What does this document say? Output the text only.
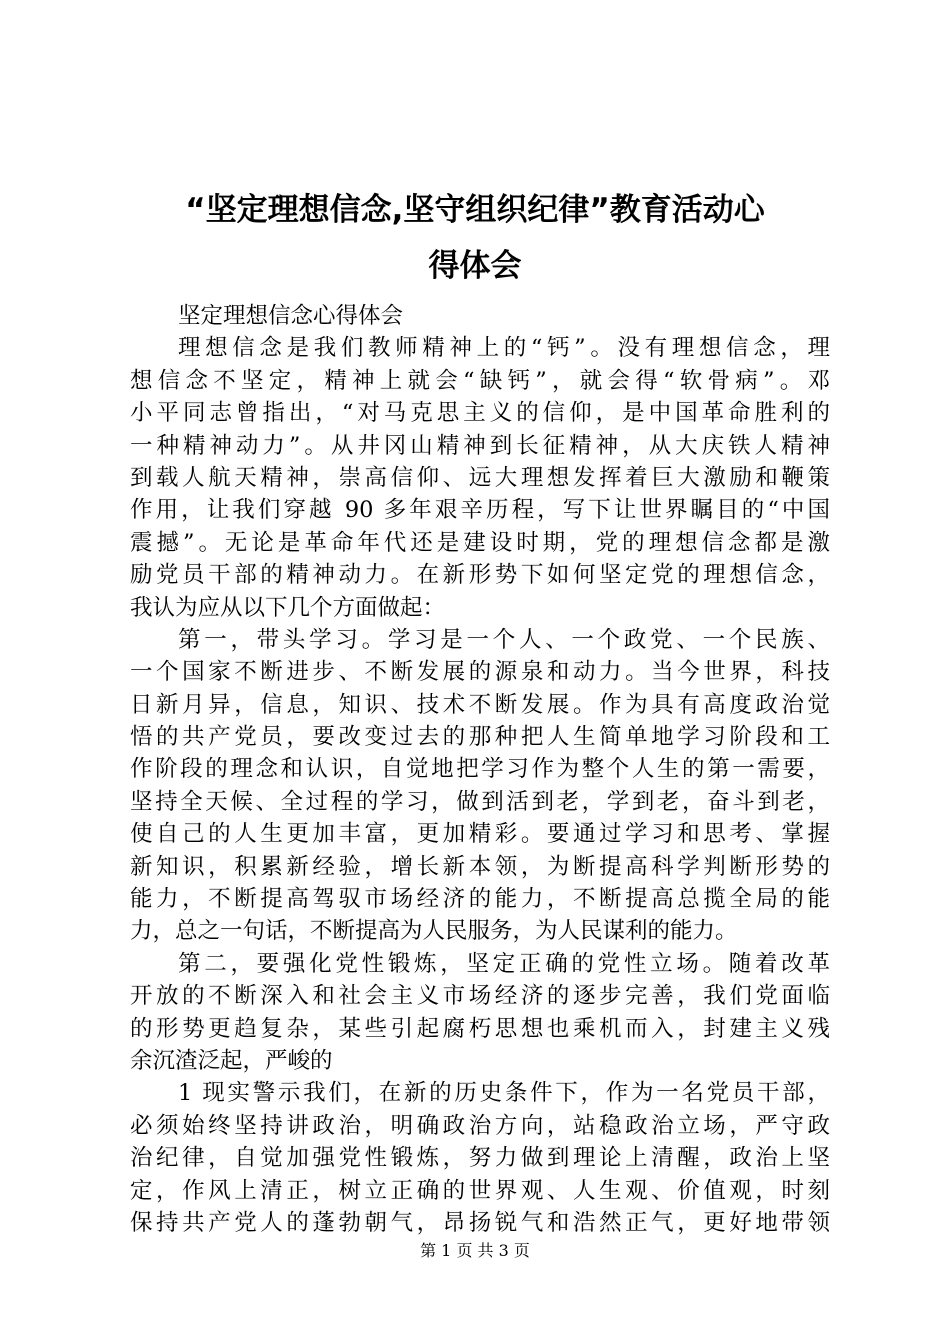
“坚定理想信念,坚守组织纪律”教育活动心
得体会
坚定理想信念心得体会
理想信念是我们教师精神上的“钙”。没有理想信念，理
想信念不坚定，精神上就会“缺钙”，就会得“软骨病”。邓
小平同志曾指出，“对马克思主义的信仰，是中国革命胜利的
一种精神动力”。从井冈山精神到长征精神，从大庆铁人精神
到载人航天精神，崇高信仰、远大理想发挥着巨大激励和鞭策
作用，让我们穿越 90 多年艰辛历程，写下让世界瞩目的“中国
震撼”。无论是革命年代还是建设时期，党的理想信念都是激
励党员干部的精神动力。在新形势下如何坚定党的理想信念，
我认为应从以下几个方面做起：
第一，带头学习。学习是一个人、一个政党、一个民族、
一个国家不断进步、不断发展的源泉和动力。当今世界，科技
日新月异，信息，知识、技术不断发展。作为具有高度政治觉
悟的共产党员，要改变过去的那种把人生简单地学习阶段和工
作阶段的理念和认识，自觉地把学习作为整个人生的第一需要，
坚持全天候、全过程的学习，做到活到老，学到老，奋斗到老，
使自己的人生更加丰富，更加精彩。要通过学习和思考、掌握
新知识，积累新经验，增长新本领，为断提高科学判断形势的
能力，不断提高驾驭市场经济的能力，不断提高总揽全局的能
力，总之一句话，不断提高为人民服务，为人民谋利的能力。
第二，要强化党性锻炼，坚定正确的党性立场。随着改革
开放的不断深入和社会主义市场经济的逐步完善，我们党面临
的形势更趋复杂，某些引起腐朽思想也乘机而入，封建主义残
余沉渣泛起，严峻的
1 现实警示我们，在新的历史条件下，作为一名党员干部，
必须始终坚持讲政治，明确政治方向，站稳政治立场，严守政
治纪律，自觉加强党性锻炼，努力做到理论上清醒，政治上坚
定，作风上清正，树立正确的世界观、人生观、价值观，时刻
保持共产党人的蓬勃朝气，昂扬锐气和浩然正气，更好地带领
第 1 页 共 3 页
